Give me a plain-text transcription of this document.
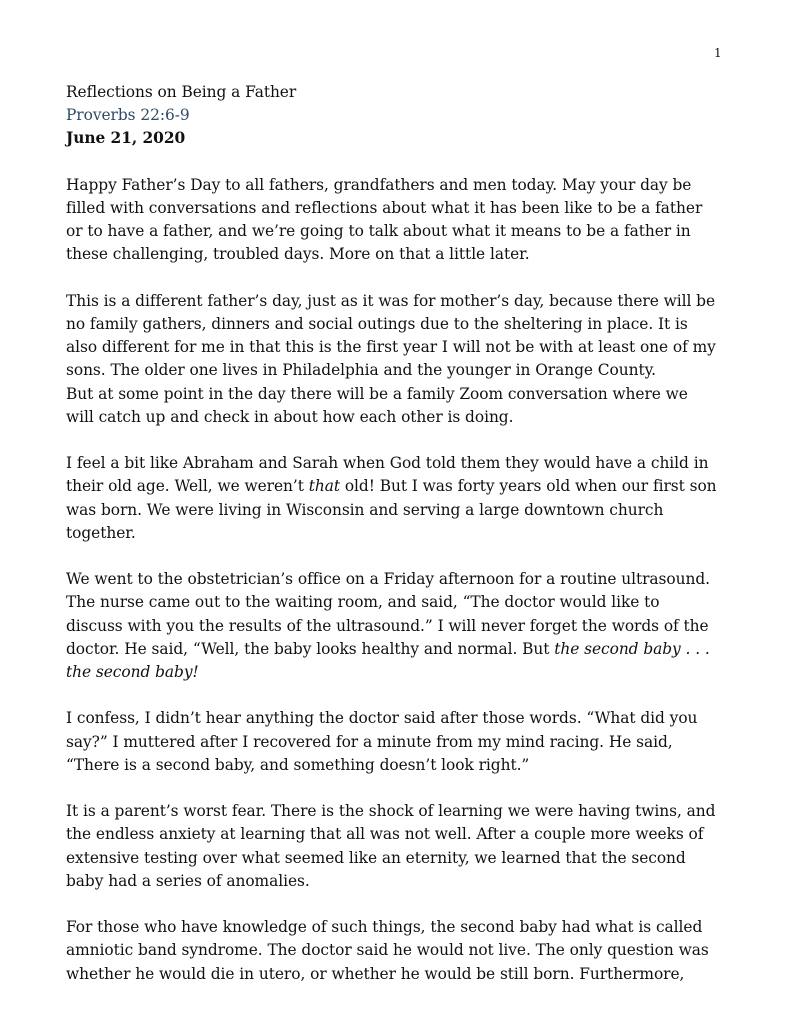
1
Reflections on Being a Father
Proverbs 22:6-9
June 21, 2020
Happy Father’s Day to all fathers, grandfathers and men today. May your day be
filled with conversations and reflections about what it has been like to be a father
or to have a father, and we’re going to talk about what it means to be a father in
these challenging, troubled days. More on that a little later.
This is a different father’s day, just as it was for mother’s day, because there will be
no family gathers, dinners and social outings due to the sheltering in place. It is
also different for me in that this is the first year I will not be with at least one of my
sons. The older one lives in Philadelphia and the younger in Orange County.
But at some point in the day there will be a family Zoom conversation where we
will catch up and check in about how each other is doing.
I feel a bit like Abraham and Sarah when God told them they would have a child in
their old age. Well, we weren’t that old! But I was forty years old when our first son
was born. We were living in Wisconsin and serving a large downtown church
together.
We went to the obstetrician’s office on a Friday afternoon for a routine ultrasound.
The nurse came out to the waiting room, and said, “The doctor would like to
discuss with you the results of the ultrasound.” I will never forget the words of the
doctor. He said, “Well, the baby looks healthy and normal. But the second baby . . .
the second baby!
I confess, I didn’t hear anything the doctor said after those words. “What did you
say?” I muttered after I recovered for a minute from my mind racing. He said,
“There is a second baby, and something doesn’t look right.”
It is a parent’s worst fear. There is the shock of learning we were having twins, and
the endless anxiety at learning that all was not well. After a couple more weeks of
extensive testing over what seemed like an eternity, we learned that the second
baby had a series of anomalies.
For those who have knowledge of such things, the second baby had what is called
amniotic band syndrome. The doctor said he would not live. The only question was
whether he would die in utero, or whether he would be still born. Furthermore,
